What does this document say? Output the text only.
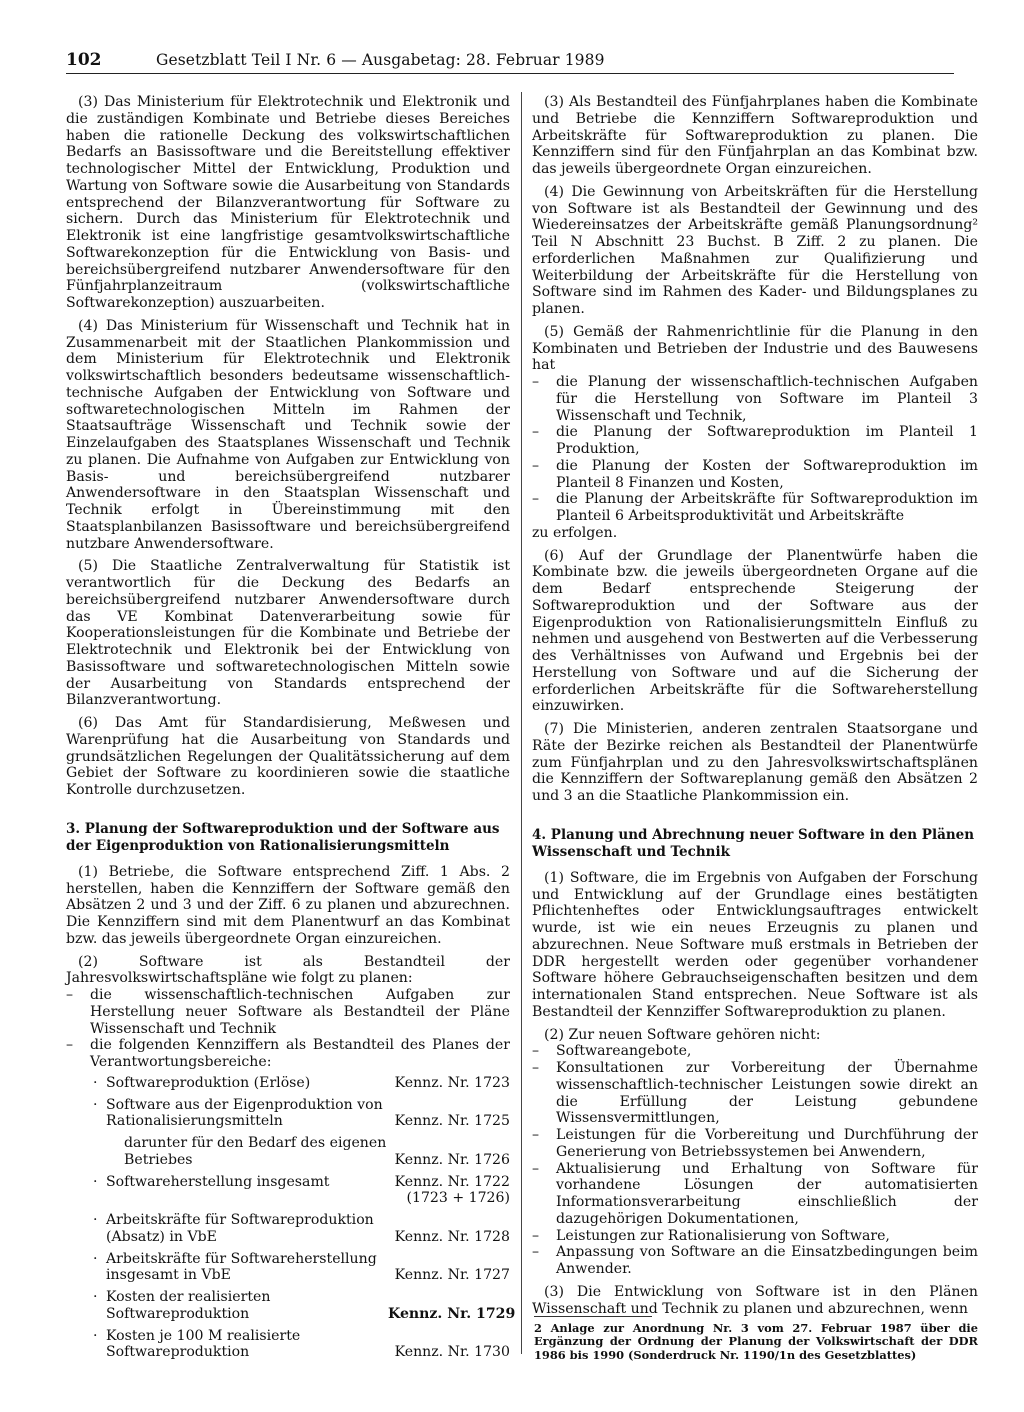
102	Gesetzblatt Teil I Nr. 6 — Ausgabetag: 28. Februar 1989

(3) Das Ministerium für Elektrotechnik und Elektronik und die zuständigen Kombinate und Betriebe dieses Bereiches haben die rationelle Deckung des volkswirtschaftlichen Bedarfs an Basissoftware und die Bereitstellung effektiver technologischer Mittel der Entwicklung, Produktion und Wartung von Software sowie die Ausarbeitung von Standards entsprechend der Bilanzverantwortung für Software zu sichern. Durch das Ministerium für Elektrotechnik und Elektronik ist eine langfristige gesamtvolkswirtschaftliche Softwarekonzeption für die Entwicklung von Basis- und bereichsübergreifend nutzbarer Anwendersoftware für den Fünfjahrplanzeitraum (volkswirtschaftliche Softwarekonzeption) auszuarbeiten.

(4) Das Ministerium für Wissenschaft und Technik hat in Zusammenarbeit mit der Staatlichen Plankommission und dem Ministerium für Elektrotechnik und Elektronik volkswirtschaftlich besonders bedeutsame wissenschaftlich-technische Aufgaben der Entwicklung von Software und softwaretechnologischen Mitteln im Rahmen der Staatsaufträge Wissenschaft und Technik sowie der Einzelaufgaben des Staatsplanes Wissenschaft und Technik zu planen. Die Aufnahme von Aufgaben zur Entwicklung von Basis- und bereichsübergreifend nutzbarer Anwendersoftware in den Staatsplan Wissenschaft und Technik erfolgt in Übereinstimmung mit den Staatsplanbilanzen Basissoftware und bereichsübergreifend nutzbare Anwendersoftware.

(5) Die Staatliche Zentralverwaltung für Statistik ist verantwortlich für die Deckung des Bedarfs an bereichsübergreifend nutzbarer Anwendersoftware durch das VE Kombinat Datenverarbeitung sowie für Kooperationsleistungen für die Kombinate und Betriebe der Elektrotechnik und Elektronik bei der Entwicklung von Basissoftware und softwaretechnologischen Mitteln sowie der Ausarbeitung von Standards entsprechend der Bilanzverantwortung.

(6) Das Amt für Standardisierung, Meßwesen und Warenprüfung hat die Ausarbeitung von Standards und grundsätzlichen Regelungen der Qualitätssicherung auf dem Gebiet der Software zu koordinieren sowie die staatliche Kontrolle durchzusetzen.

3. Planung der Softwareproduktion und der Software aus der Eigenproduktion von Rationalisierungsmitteln

(1) Betriebe, die Software entsprechend Ziff. 1 Abs. 2 herstellen, haben die Kennziffern der Software gemäß den Absätzen 2 und 3 und der Ziff. 6 zu planen und abzurechnen. Die Kennziffern sind mit dem Planentwurf an das Kombinat bzw. das jeweils übergeordnete Organ einzureichen.

(2) Software ist als Bestandteil der Jahresvolkswirtschaftspläne wie folgt zu planen:

– die wissenschaftlich-technischen Aufgaben zur Herstellung neuer Software als Bestandteil der Pläne Wissenschaft und Technik
– die folgenden Kennziffern als Bestandteil des Planes der Verantwortungsbereiche:
· Softwareproduktion (Erlöse)	Kennz. Nr. 1723
· Software aus der Eigenproduktion von Rationalisierungsmitteln	Kennz. Nr. 1725
darunter für den Bedarf des eigenen Betriebes	Kennz. Nr. 1726
· Softwareherstellung insgesamt	Kennz. Nr. 1722
(1723 + 1726)
· Arbeitskräfte für Softwareproduktion (Absatz) in VbE	Kennz. Nr. 1728
· Arbeitskräfte für Softwareherstellung insgesamt in VbE	Kennz. Nr. 1727
· Kosten der realisierten Softwareproduktion	Kennz. Nr. 1729
· Kosten je 100 M realisierte Softwareproduktion	Kennz. Nr. 1730

(3) Als Bestandteil des Fünfjahrplanes haben die Kombinate und Betriebe die Kennziffern Softwareproduktion und Arbeitskräfte für Softwareproduktion zu planen. Die Kennziffern sind für den Fünfjahrplan an das Kombinat bzw. das jeweils übergeordnete Organ einzureichen.

(4) Die Gewinnung von Arbeitskräften für die Herstellung von Software ist als Bestandteil der Gewinnung und des Wiedereinsatzes der Arbeitskräfte gemäß Planungsordnung² Teil N Abschnitt 23 Buchst. B Ziff. 2 zu planen. Die erforderlichen Maßnahmen zur Qualifizierung und Weiterbildung der Arbeitskräfte für die Herstellung von Software sind im Rahmen des Kader- und Bildungsplanes zu planen.

(5) Gemäß der Rahmenrichtlinie für die Planung in den Kombinaten und Betrieben der Industrie und des Bauwesens hat

– die Planung der wissenschaftlich-technischen Aufgaben für die Herstellung von Software im Planteil 3 Wissenschaft und Technik,
– die Planung der Softwareproduktion im Planteil 1 Produktion,
– die Planung der Kosten der Softwareproduktion im Planteil 8 Finanzen und Kosten,
– die Planung der Arbeitskräfte für Softwareproduktion im Planteil 6 Arbeitsproduktivität und Arbeitskräfte

zu erfolgen.

(6) Auf der Grundlage der Planentwürfe haben die Kombinate bzw. die jeweils übergeordneten Organe auf die dem Bedarf entsprechende Steigerung der Softwareproduktion und der Software aus der Eigenproduktion von Rationalisierungsmitteln Einfluß zu nehmen und ausgehend von Bestwerten auf die Verbesserung des Verhältnisses von Aufwand und Ergebnis bei der Herstellung von Software und auf die Sicherung der erforderlichen Arbeitskräfte für die Softwareherstellung einzuwirken.

(7) Die Ministerien, anderen zentralen Staatsorgane und Räte der Bezirke reichen als Bestandteil der Planentwürfe zum Fünfjahrplan und zu den Jahresvolkswirtschaftsplänen die Kennziffern der Softwareplanung gemäß den Absätzen 2 und 3 an die Staatliche Plankommission ein.

4. Planung und Abrechnung neuer Software in den Plänen Wissenschaft und Technik

(1) Software, die im Ergebnis von Aufgaben der Forschung und Entwicklung auf der Grundlage eines bestätigten Pflichtenheftes oder Entwicklungsauftrages entwickelt wurde, ist wie ein neues Erzeugnis zu planen und abzurechnen. Neue Software muß erstmals in Betrieben der DDR hergestellt werden oder gegenüber vorhandener Software höhere Gebrauchseigenschaften besitzen und dem internationalen Stand entsprechen. Neue Software ist als Bestandteil der Kennziffer Softwareproduktion zu planen.

(2) Zur neuen Software gehören nicht:

– Softwareangebote,
– Konsultationen zur Vorbereitung der Übernahme wissenschaftlich-technischer Leistungen sowie direkt an die Erfüllung der Leistung gebundene Wissensvermittlungen,
– Leistungen für die Vorbereitung und Durchführung der Generierung von Betriebssystemen bei Anwendern,
– Aktualisierung und Erhaltung von Software für vorhandene Lösungen der automatisierten Informationsverarbeitung einschließlich der dazugehörigen Dokumentationen,
– Leistungen zur Rationalisierung von Software,
– Anpassung von Software an die Einsatzbedingungen beim Anwender.

(3) Die Entwicklung von Software ist in den Plänen Wissenschaft und Technik zu planen und abzurechnen, wenn

2 Anlage zur Anordnung Nr. 3 vom 27. Februar 1987 über die Ergänzung der Ordnung der Planung der Volkswirtschaft der DDR 1986 bis 1990 (Sonderdruck Nr. 1190/1n des Gesetzblattes)
